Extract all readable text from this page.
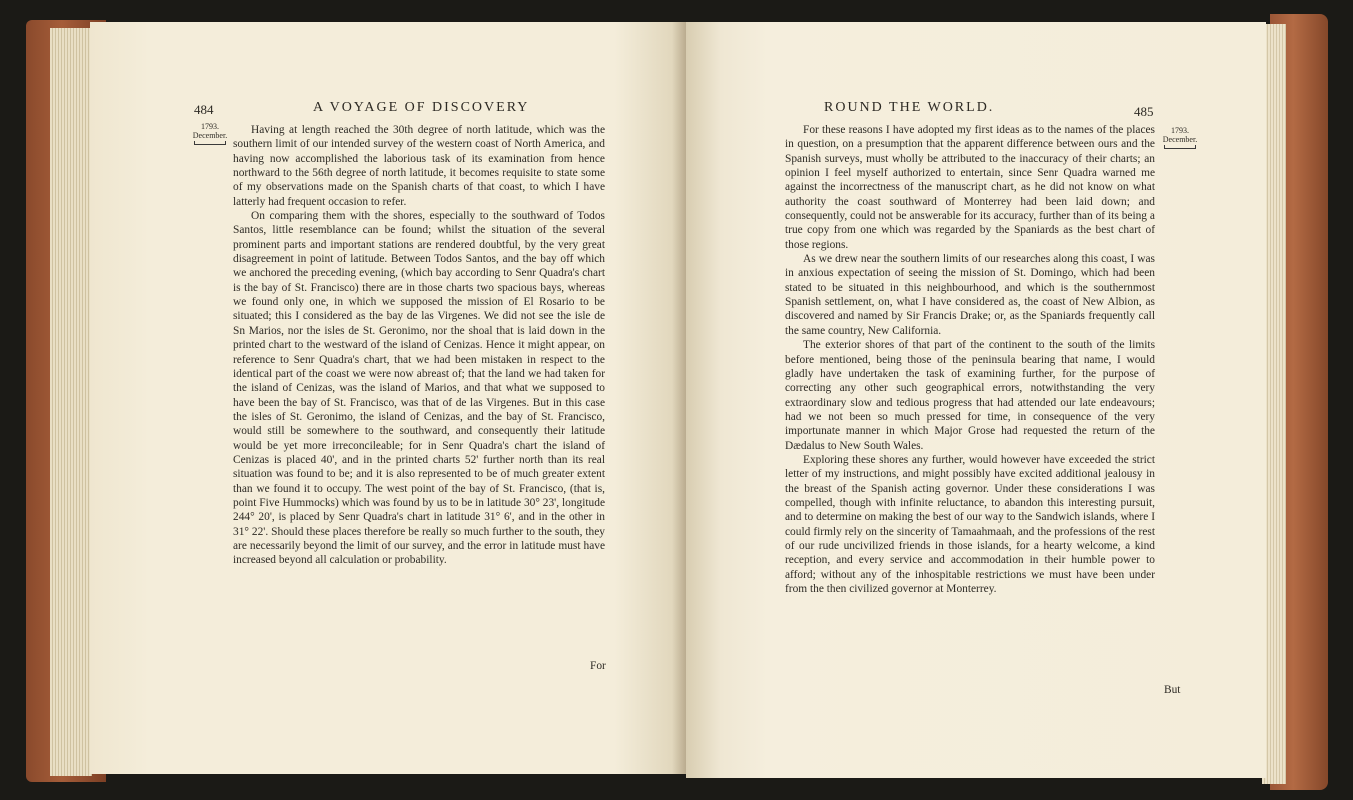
484	A VOYAGE OF DISCOVERY
1793.
December.	Having at length reached the 30th degree of north latitude, which was the southern limit of our intended survey of the western coast of North America, and having now accomplished the laborious task of its examination from hence northward to the 56th degree of north latitude, it becomes requisite to state some of my observations made on the Spanish charts of that coast, to which I have latterly had frequent occasion to refer.

On comparing them with the shores, especially to the southward of Todos Santos, little resemblance can be found; whilst the situation of the several prominent parts and important stations are rendered doubtful, by the very great disagreement in point of latitude. Between Todos Santos, and the bay off which we anchored the preceding evening, (which bay according to Senr Quadra's chart is the bay of St. Francisco) there are in those charts two spacious bays, whereas we found only one, in which we supposed the mission of El Rosario to be situated; this I considered as the bay de las Virgenes. We did not see the isle de Sn Marios, nor the isles de St. Geronimo, nor the shoal that is laid down in the printed chart to the westward of the island of Cenizas. Hence it might appear, on reference to Senr Quadra's chart, that we had been mistaken in respect to the identical part of the coast we were now abreast of; that the land we had taken for the island of Cenizas, was the island of Marios, and that what we supposed to have been the bay of St. Francisco, was that of de las Virgenes. But in this case the isles of St. Geronimo, the island of Cenizas, and the bay of St. Francisco, would still be somewhere to the southward, and consequently their latitude would be yet more irreconcileable; for in Senr Quadra's chart the island of Cenizas is placed 40', and in the printed charts 52' further north than its real situation was found to be; and it is also represented to be of much greater extent than we found it to occupy. The west point of the bay of St. Francisco, (that is, point Five Hummocks) which was found by us to be in latitude 30° 23', longitude 244° 20', is placed by Senr Quadra's chart in latitude 31° 6', and in the other in 31° 22'. Should these places therefore be really so much further to the south, they are necessarily beyond the limit of our survey, and the error in latitude must have increased beyond all calculation or probability.

For
ROUND THE WORLD.	485
1793.
December.

For these reasons I have adopted my first ideas as to the names of the places in question, on a presumption that the apparent difference between ours and the Spanish surveys, must wholly be attributed to the inaccuracy of their charts; an opinion I feel myself authorized to entertain, since Senr Quadra warned me against the incorrectness of the manuscript chart, as he did not know on what authority the coast southward of Monterrey had been laid down; and consequently, could not be answerable for its accuracy, further than of its being a true copy from one which was regarded by the Spaniards as the best chart of those regions.

As we drew near the southern limits of our researches along this coast, I was in anxious expectation of seeing the mission of St. Domingo, which had been stated to be situated in this neighbourhood, and which is the southernmost Spanish settlement, on, what I have considered as, the coast of New Albion, as discovered and named by Sir Francis Drake; or, as the Spaniards frequently call the same country, New California.

The exterior shores of that part of the continent to the south of the limits before mentioned, being those of the peninsula bearing that name, I would gladly have undertaken the task of examining further, for the purpose of correcting any other such geographical errors, notwithstanding the very extraordinary slow and tedious progress that had attended our late endeavours; had we not been so much pressed for time, in consequence of the very importunate manner in which Major Grose had requested the return of the Dædalus to New South Wales.

Exploring these shores any further, would however have exceeded the strict letter of my instructions, and might possibly have excited additional jealousy in the breast of the Spanish acting governor. Under these considerations I was compelled, though with infinite reluctance, to abandon this interesting pursuit, and to determine on making the best of our way to the Sandwich islands, where I could firmly rely on the sincerity of Tamaahmaah, and the professions of the rest of our rude uncivilized friends in those islands, for a hearty welcome, a kind reception, and every service and accommodation in their humble power to afford; without any of the inhospitable restrictions we must have been under from the then civilized governor at Monterrey.

But
